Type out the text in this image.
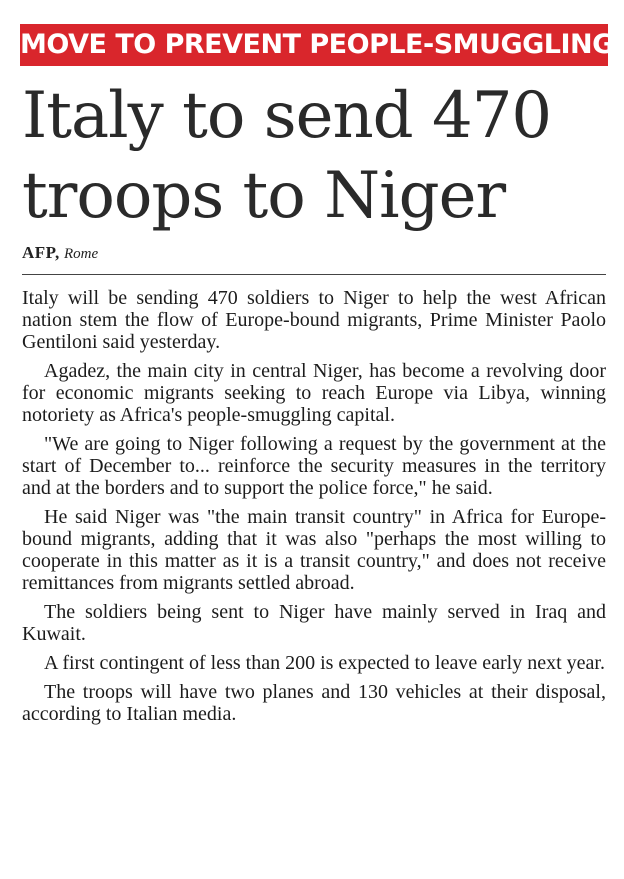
MOVE TO PREVENT PEOPLE-SMUGGLING
Italy to send 470 troops to Niger
AFP, Rome

Italy will be sending 470 soldiers to Niger to help the west African nation stem the flow of Europe-bound migrants, Prime Minister Paolo Gentiloni said yesterday.

Agadez, the main city in central Niger, has become a revolving door for economic migrants seeking to reach Europe via Libya, winning notoriety as Africa's people-smuggling capital.

"We are going to Niger following a request by the government at the start of December to... reinforce the security measures in the territory and at the borders and to support the police force," he said.

He said Niger was "the main transit country" in Africa for Europe-bound migrants, adding that it was also "perhaps the most willing to cooperate in this matter as it is a transit country," and does not receive remittances from migrants settled abroad.

The soldiers being sent to Niger have mainly served in Iraq and Kuwait.

A first contingent of less than 200 is expected to leave early next year.

The troops will have two planes and 130 vehicles at their disposal, according to Italian media.
